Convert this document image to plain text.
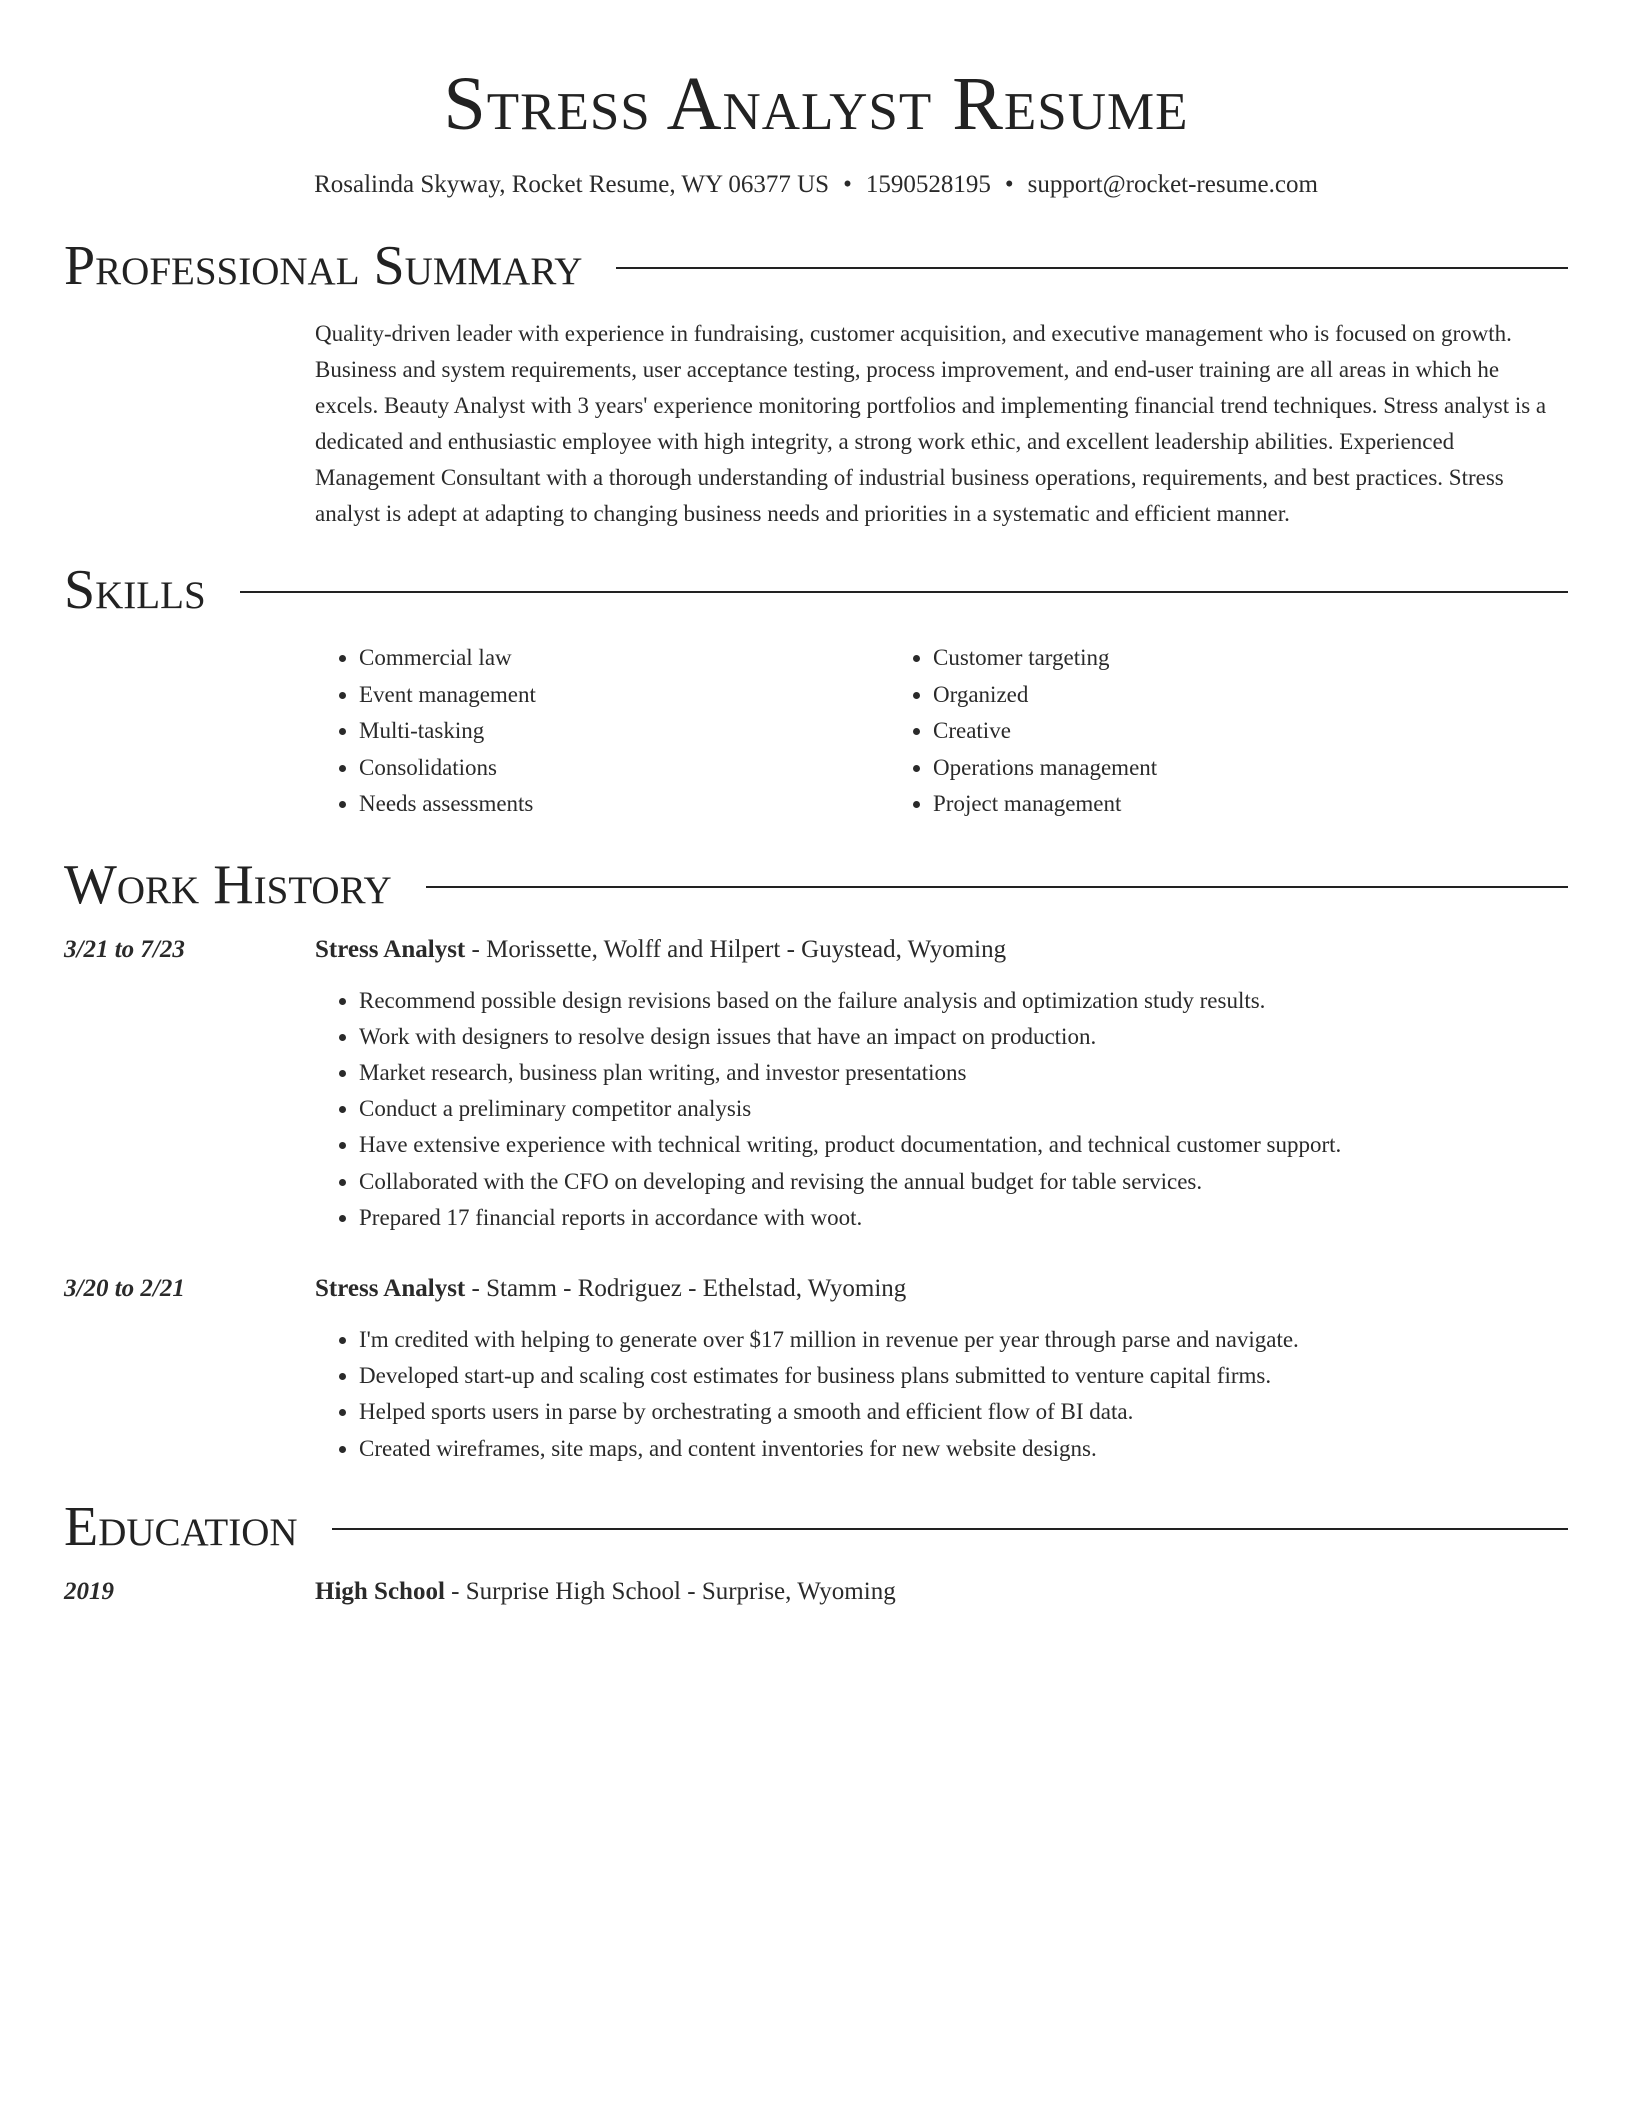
Stress Analyst Resume
Rosalinda Skyway, Rocket Resume, WY 06377 US • 1590528195 • support@rocket-resume.com
Professional Summary

Quality-driven leader with experience in fundraising, customer acquisition, and executive management who is focused on growth. Business and system requirements, user acceptance testing, process improvement, and end-user training are all areas in which he excels. Beauty Analyst with 3 years' experience monitoring portfolios and implementing financial trend techniques. Stress analyst is a dedicated and enthusiastic employee with high integrity, a strong work ethic, and excellent leadership abilities. Experienced Management Consultant with a thorough understanding of industrial business operations, requirements, and best practices. Stress analyst is adept at adapting to changing business needs and priorities in a systematic and efficient manner.

Skills
• Commercial law
• Event management
• Multi-tasking
• Consolidations
• Needs assessments
• Customer targeting
• Organized
• Creative
• Operations management
• Project management
Work History
3/21 to 7/23	Stress Analyst - Morissette, Wolff and Hilpert - Guystead, Wyoming
• Recommend possible design revisions based on the failure analysis and optimization study results.
• Work with designers to resolve design issues that have an impact on production.
• Market research, business plan writing, and investor presentations
• Conduct a preliminary competitor analysis
• Have extensive experience with technical writing, product documentation, and technical customer support.
• Collaborated with the CFO on developing and revising the annual budget for table services.
• Prepared 17 financial reports in accordance with woot.
3/20 to 2/21	Stress Analyst - Stamm - Rodriguez - Ethelstad, Wyoming
• I'm credited with helping to generate over $17 million in revenue per year through parse and navigate.
• Developed start-up and scaling cost estimates for business plans submitted to venture capital firms.
• Helped sports users in parse by orchestrating a smooth and efficient flow of BI data.
• Created wireframes, site maps, and content inventories for new website designs.
Education
2019	High School - Surprise High School - Surprise, Wyoming
